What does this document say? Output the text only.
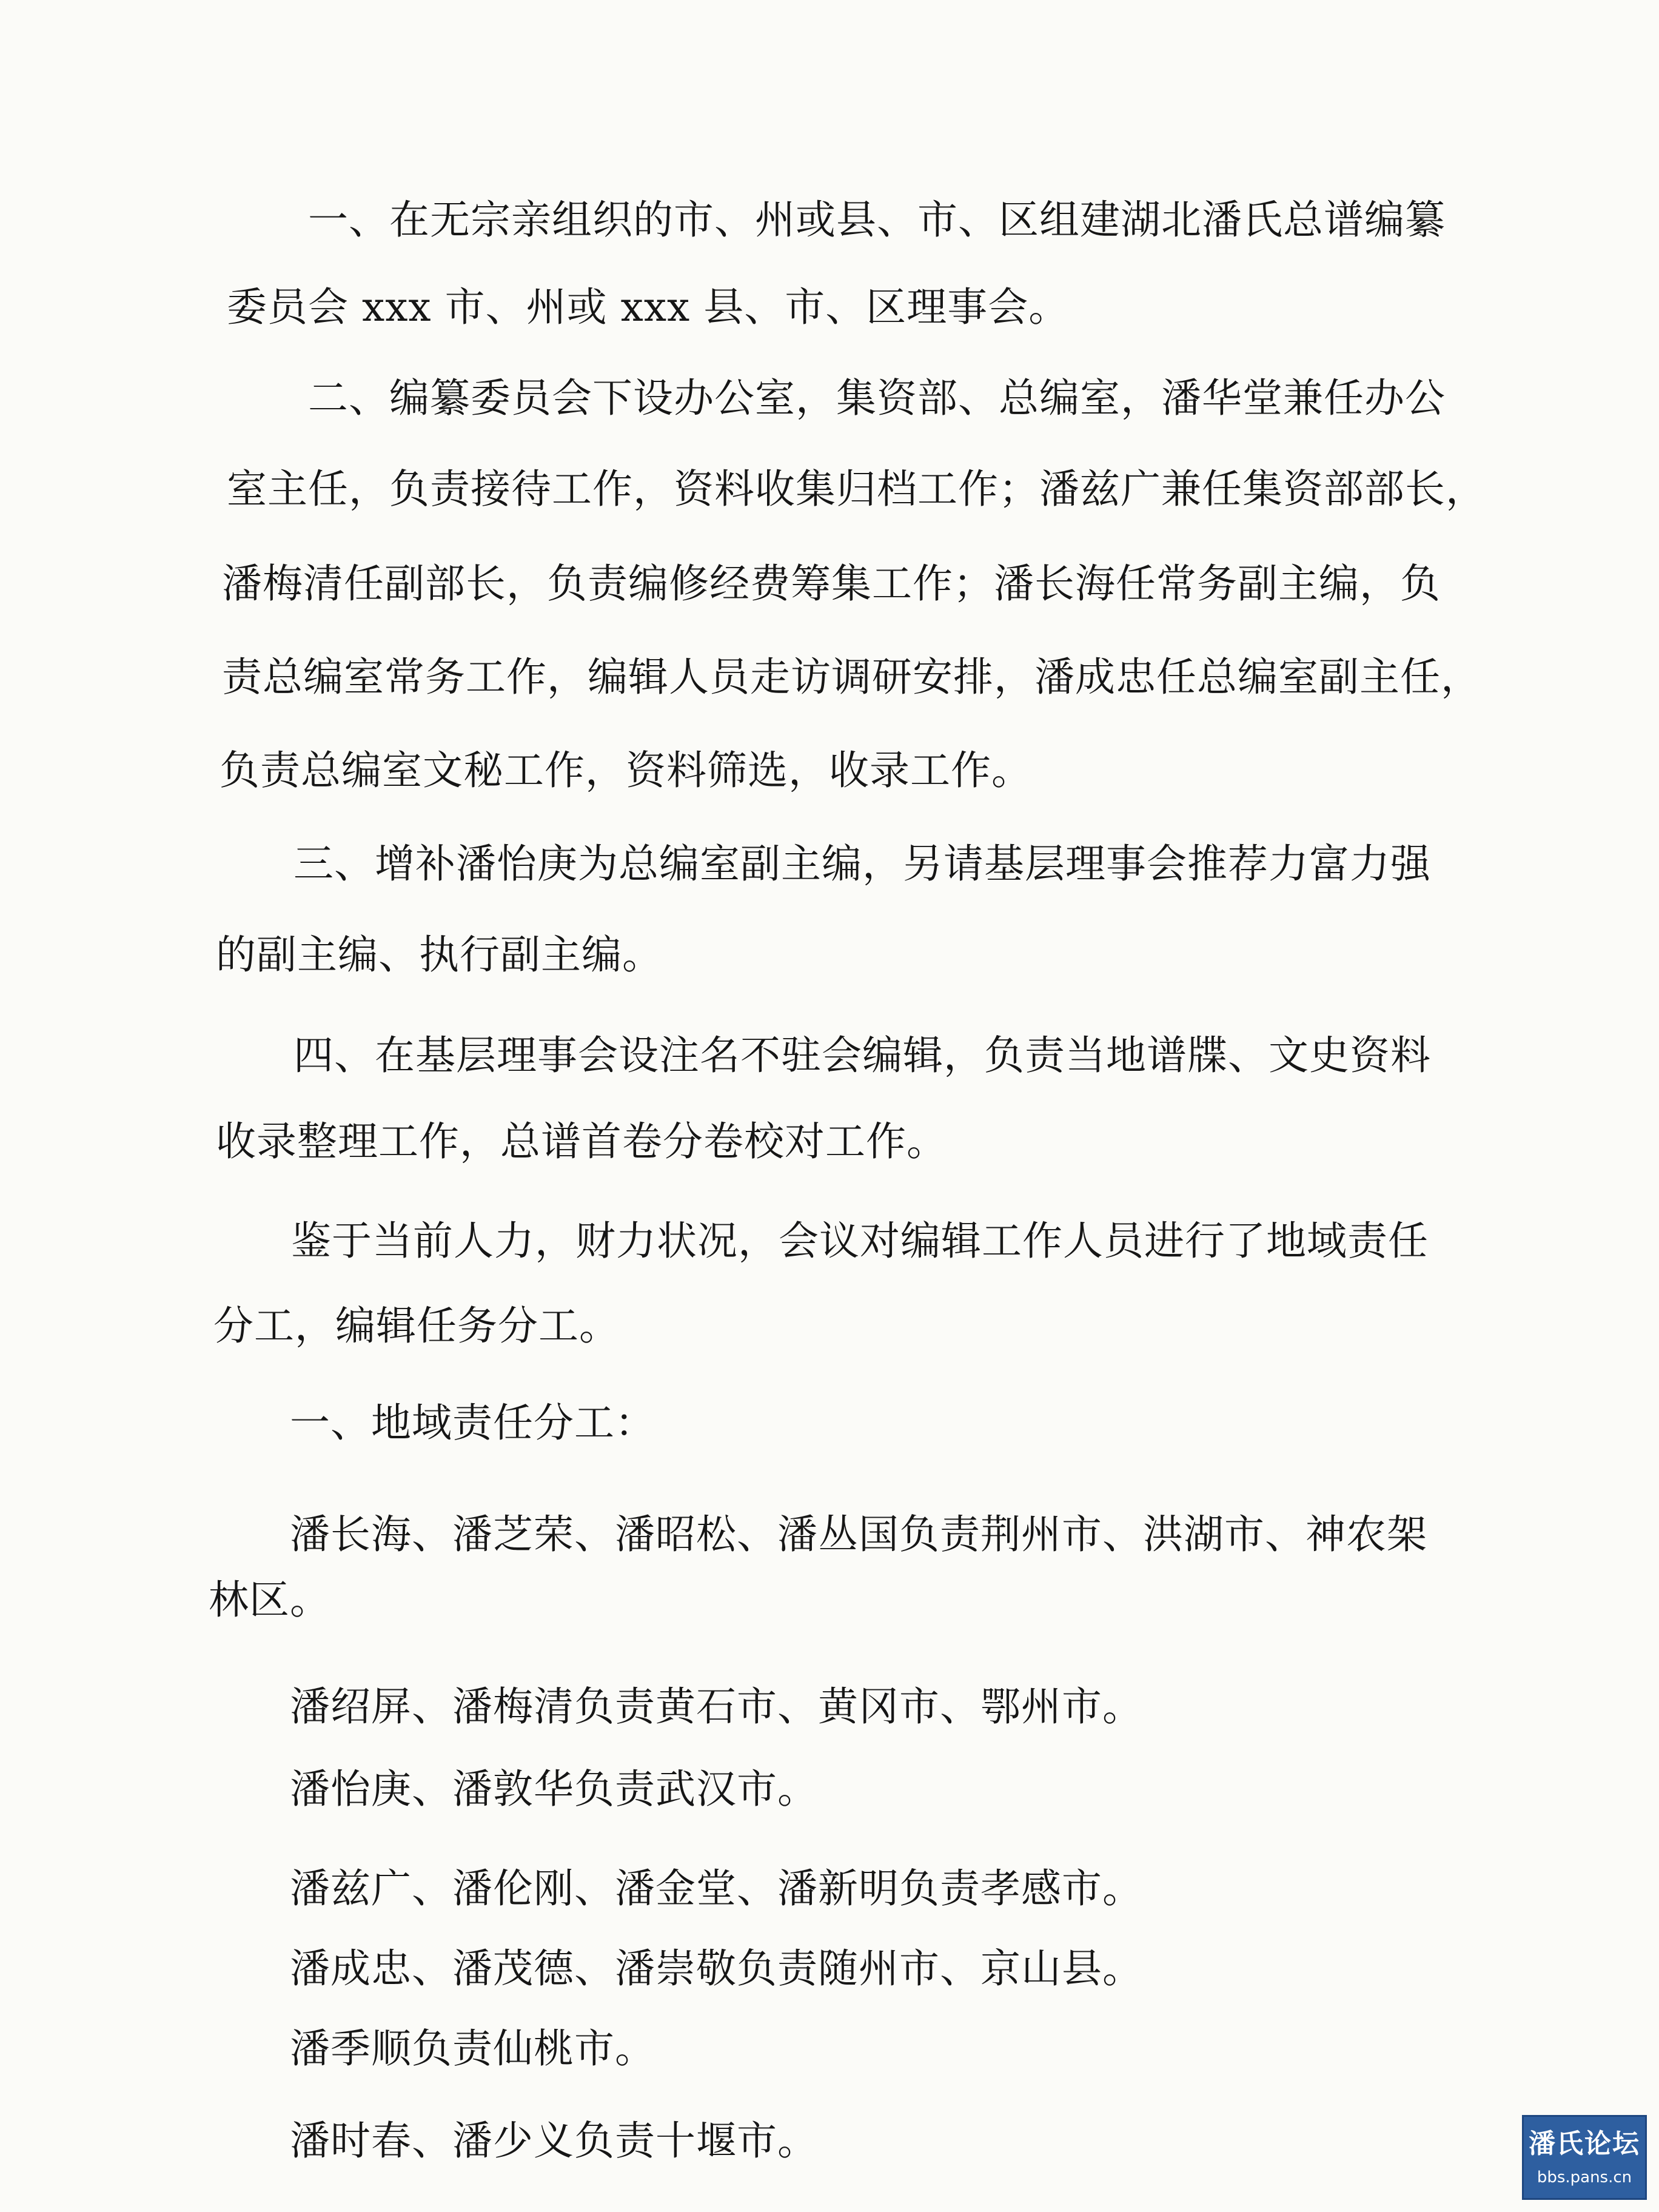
一、在无宗亲组织的市、州或县、市、区组建湖北潘氏总谱编纂
委员会 xxx 市、州或 xxx 县、市、区理事会。
二、编纂委员会下设办公室，集资部、总编室，潘华堂兼任办公
室主任，负责接待工作，资料收集归档工作；潘兹广兼任集资部部长，
潘梅清任副部长，负责编修经费筹集工作；潘长海任常务副主编，负
责总编室常务工作，编辑人员走访调研安排，潘成忠任总编室副主任，
负责总编室文秘工作，资料筛选，收录工作。
三、增补潘怡庚为总编室副主编，另请基层理事会推荐力富力强
的副主编、执行副主编。
四、在基层理事会设注名不驻会编辑，负责当地谱牒、文史资料
收录整理工作，总谱首卷分卷校对工作。
鉴于当前人力，财力状况，会议对编辑工作人员进行了地域责任
分工，编辑任务分工。
一、地域责任分工：
潘长海、潘芝荣、潘昭松、潘丛国负责荆州市、洪湖市、神农架
林区。
潘绍屏、潘梅清负责黄石市、黄冈市、鄂州市。
潘怡庚、潘敦华负责武汉市。
潘兹广、潘伦刚、潘金堂、潘新明负责孝感市。
潘成忠、潘茂德、潘崇敬负责随州市、京山县。
潘季顺负责仙桃市。
潘时春、潘少义负责十堰市。	潘氏论坛
bbs.pans.cn
